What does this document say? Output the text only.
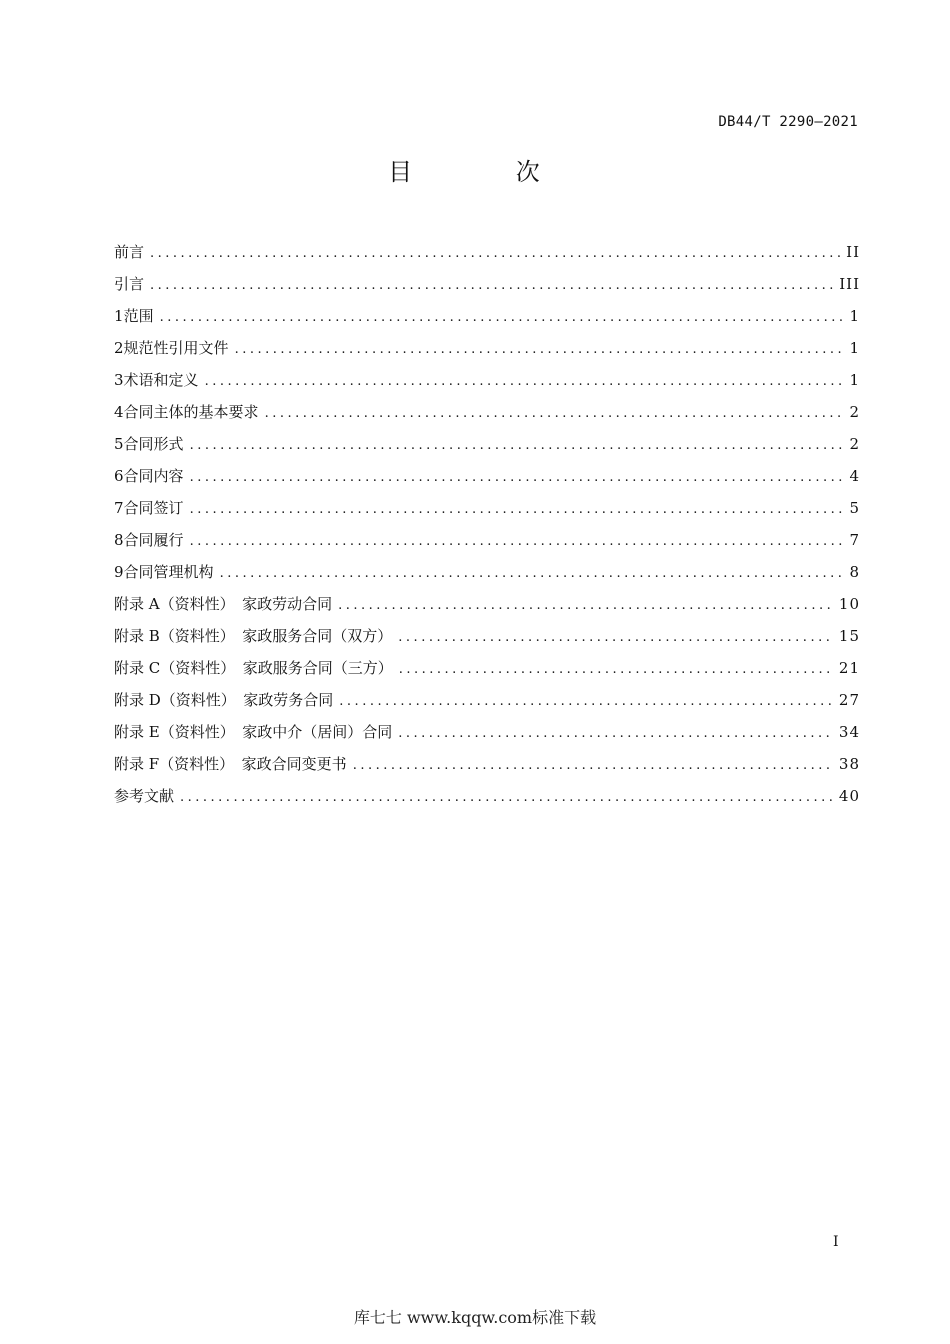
DB44/T 2290—2021
目 次
前言 .....	II
引言 .....	III
1 范围 .....	1
2 规范性引用文件 .....	1
3 术语和定义 .....	1
4 合同主体的基本要求 .....	2
5 合同形式 .....	2
6 合同内容 .....	4
7 合同签订 .....	5
8 合同履行 .....	7
9 合同管理机构 .....	8
附录 A（资料性）　家政劳动合同 .....	10
附录 B（资料性）　家政服务合同（双方） .....	15
附录 C（资料性）　家政服务合同（三方） .....	21
附录 D（资料性）　家政劳务合同 .....	27
附录 E（资料性）　家政中介（居间）合同 .....	34
附录 F（资料性）　家政合同变更书 .....	38
参考文献 .....	40
I
库七七 www.kqqw.com标准下载
